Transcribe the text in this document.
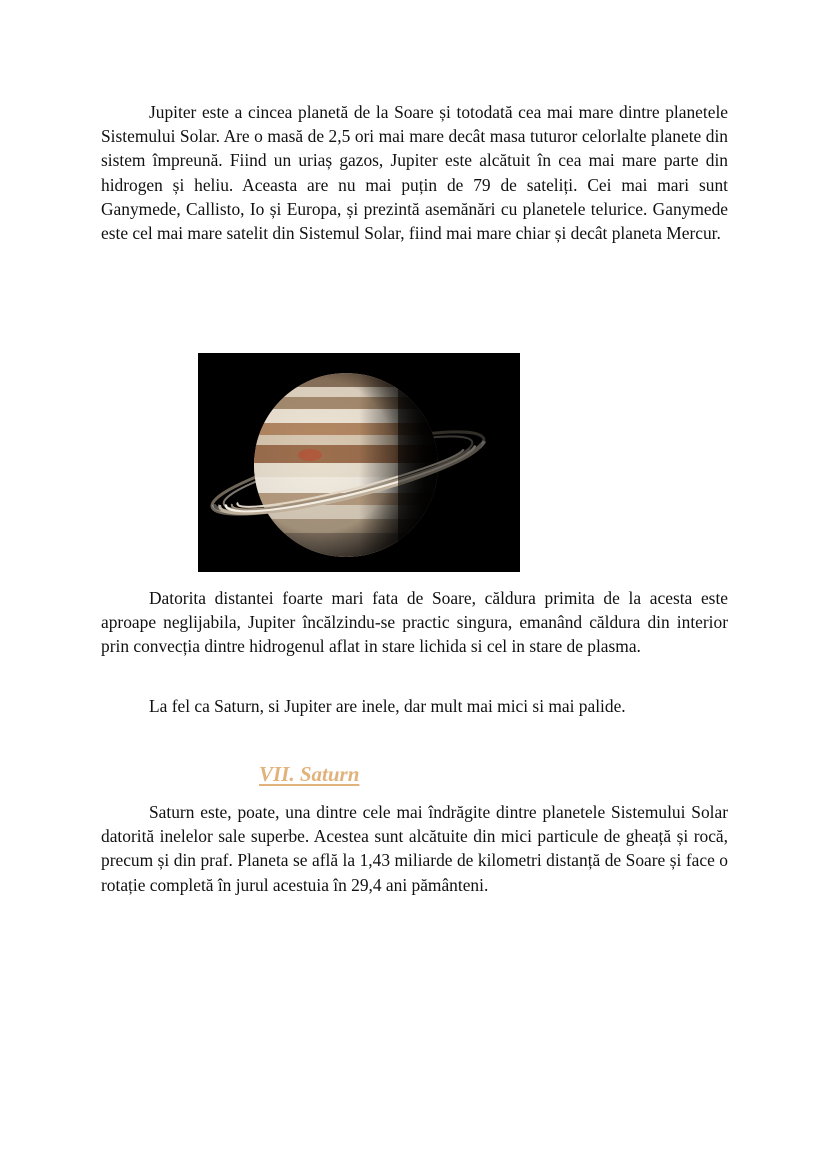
Jupiter este a cincea planetă de la Soare și totodată cea mai mare dintre planetele Sistemului Solar. Are o masă de 2,5 ori mai mare decât masa tuturor celorlalte planete din sistem împreună. Fiind un uriaș gazos, Jupiter este alcătuit în cea mai mare parte din hidrogen și heliu. Aceasta are nu mai puțin de 79 de sateliți. Cei mai mari sunt Ganymede, Callisto, Io și Europa, și prezintă asemănări cu planetele telurice. Ganymede este cel mai mare satelit din Sistemul Solar, fiind mai mare chiar și decât planeta Mercur.

Datorita distantei foarte mari fata de Soare, căldura primita de la acesta este aproape neglijabila, Jupiter încălzindu-se practic singura, emanând căldura din interior prin convecția dintre hidrogenul aflat in stare lichida si cel in stare de plasma.

La fel ca Saturn, si Jupiter are inele, dar mult mai mici si mai palide.

VII. Saturn

Saturn este, poate, una dintre cele mai îndrăgite dintre planetele Sistemului Solar datorită inelelor sale superbe. Acestea sunt alcătuite din mici particule de gheață și rocă, precum și din praf. Planeta se află la 1,43 miliarde de kilometri distanță de Soare și face o rotație completă în jurul acestuia în 29,4 ani pământeni.
